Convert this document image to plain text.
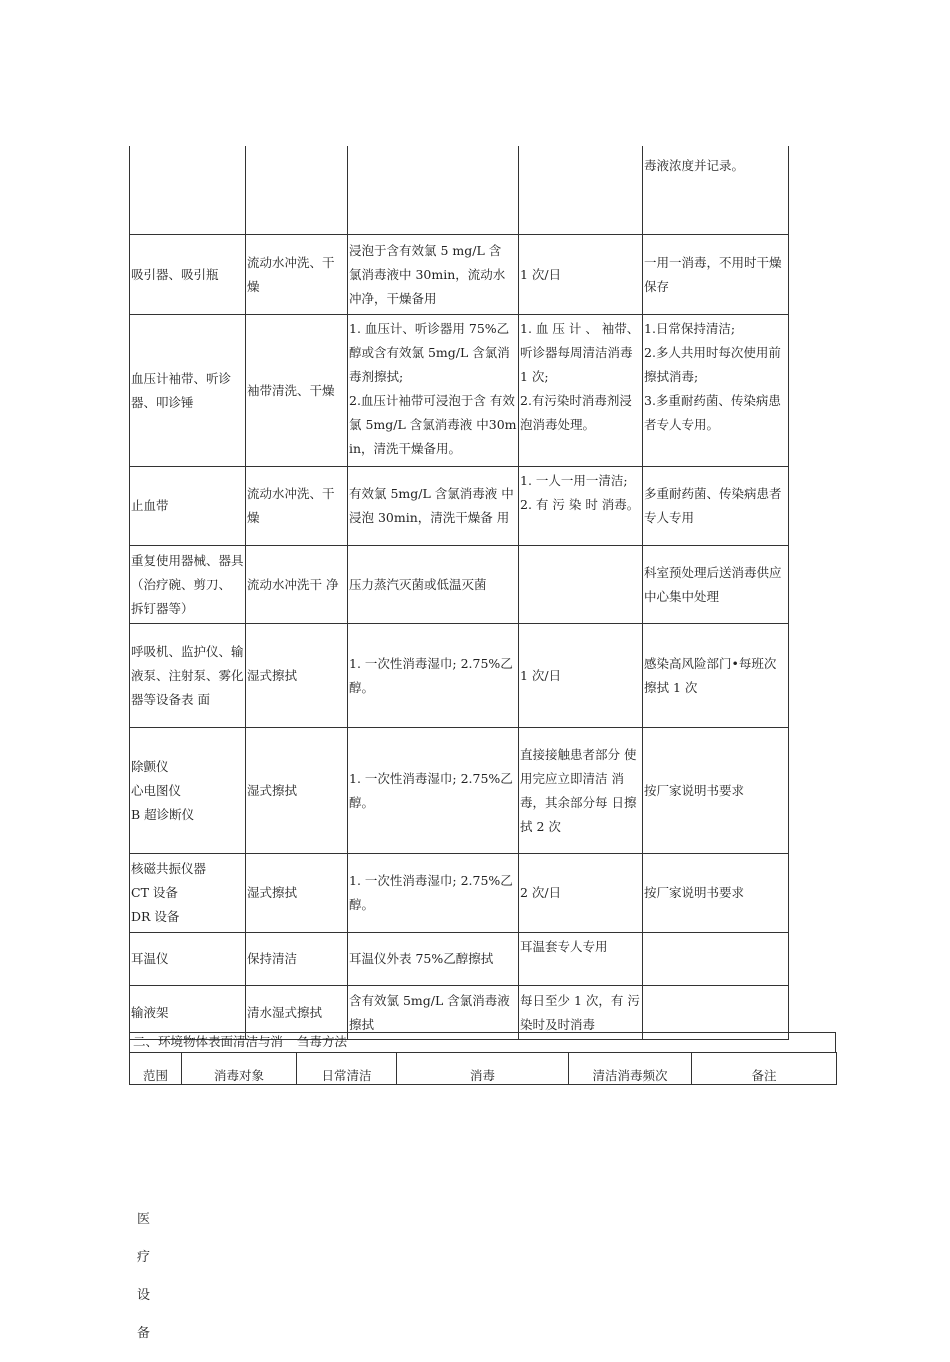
				毒液浓度并记录。

吸引器、吸引瓶	流动水冲洗、干燥	浸泡于含有效氯 5 mg/L 含 氯消毒液中 30min，流动水 冲净，干燥备用	1 次/日	一用一消毒，不用时干燥保存

血压计袖带、听诊器、叩诊锤	袖带清洗、干燥	1. 血压计、听诊器用 75%乙 醇或含有效氯 5mg/L 含氯消毒剂擦拭;
2.血压计袖带可浸泡于含 有效氯 5mg/L 含氯消毒液 中30min，清洗干燥备用。	1. 血 压 计 、 袖带、
听诊器每周清洁消毒 1 次;
2.有污染时消毒剂浸泡消毒处理。	1.日常保持清洁;
2.多人共用时每次使用前擦拭消毒;
3.多重耐药菌、传染病患者专人专用。

止血带	流动水冲洗、干燥	有效氯 5mg/L 含氯消毒液 中浸泡 30min，清洗干燥备 用	1. 一人一用一清洁;
2. 有 污 染 时 消毒。	多重耐药菌、传染病患者专人专用

重复使用器械、器具（治疗碗、剪刀、 拆钉器等）	流动水冲洗干 净	压力蒸汽灭菌或低温灭菌		科室预处理后送消毒供应中心集中处理

呼吸机、监护仪、输液泵、注射泵、雾化器等设备表 面	湿式擦拭	1. 一次性消毒湿巾; 2.75%乙醇。	1 次/日	感染高风险部门•每班次擦拭 1 次

除颤仪
心电图仪
B 超诊断仪	湿式擦拭	1. 一次性消毒湿巾; 2.75%乙醇。	直接接触患者部分 使用完应立即清洁 消毒，其余部分每 日擦拭 2 次	按厂家说明书要求

核磁共振仪器
CT 设备
DR 设备	湿式擦拭	1. 一次性消毒湿巾; 2.75%乙醇。	2 次/日	按厂家说明书要求

耳温仪	保持清洁	耳温仪外表 75%乙醇擦拭	耳温套专人专用	

输液架	清水湿式擦拭	含有效氯 5mg/L 含氯消毒液擦拭	每日至少 1 次，有 污染时及时消毒	

二、环境物体表面清洁与消 刍毒方法
范围	消毒对象	日常清洁	消毒	清洁消毒频次	备注
医
疗
设
备
